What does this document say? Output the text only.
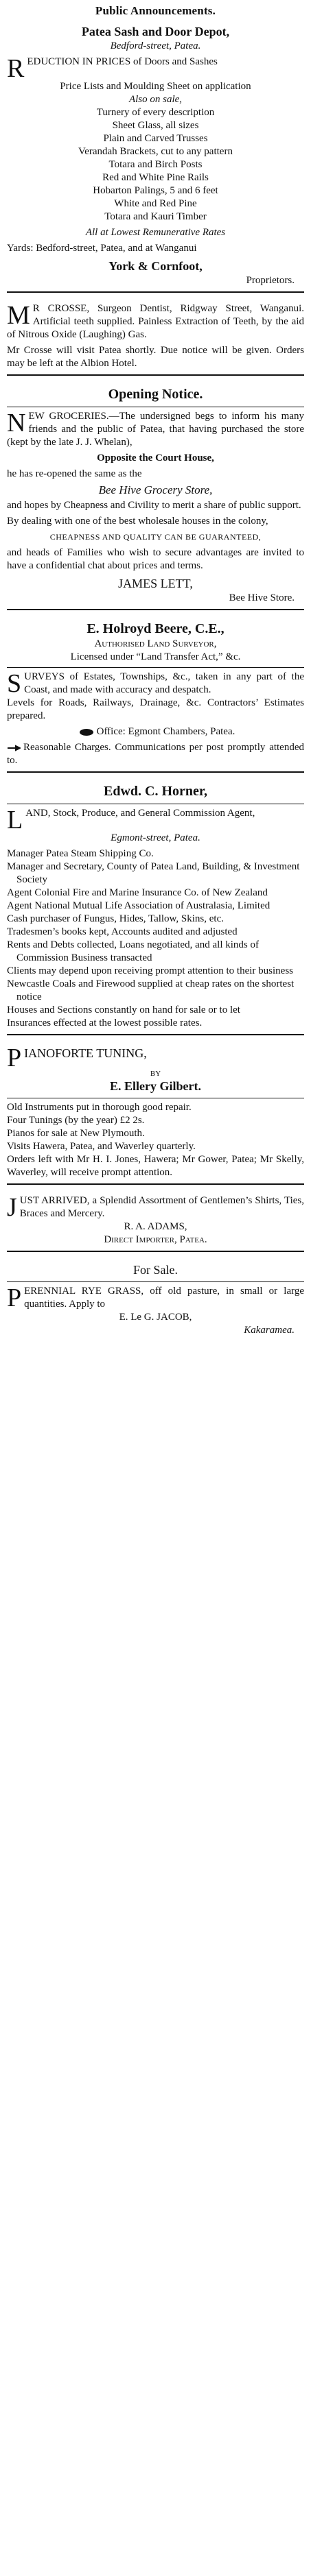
Public Announcements.
Patea Sash and Door Depot,
Bedford-street, Patea.
R EDUCTION IN PRICES of Doors and Sashes
Price Lists and Moulding Sheet on application
Also on sale,
Turnery of every description
Sheet Glass, all sizes
Plain and Carved Trusses
Verandah Brackets, cut to any pattern
Totara and Birch Posts
Red and White Pine Rails
Hobarton Palings, 5 and 6 feet
White and Red Pine
Totara and Kauri Timber
All at Lowest Remunerative Rates
Yards: Bedford-street, Patea, and at Wanganui
York & Cornfoot,
Proprietors.
M R CROSSE, Surgeon Dentist, Ridgway Street, Wanganui. Artificial teeth supplied. Painless Extraction of Teeth, by the aid of Nitrous Oxide (Laughing) Gas.
Mr Crosse will visit Patea shortly. Due notice will be given. Orders may be left at the Albion Hotel.
Opening Notice.
N EW GROCERIES.—The undersigned begs to inform his many friends and the public of Patea, that having purchased the store (kept by the late J. J. Whelan),
Opposite the Court House,
he has re-opened the same as the
Bee Hive Grocery Store,
and hopes by Cheapness and Civility to merit a share of public support.
By dealing with one of the best wholesale houses in the colony,
CHEAPNESS AND QUALITY CAN BE GUARANTEED,
and heads of Families who wish to secure advantages are invited to have a confidential chat about prices and terms.
JAMES LETT,
Bee Hive Store.
E. Holroyd Beere, C.E.,
Authorised Land Surveyor,
Licensed under “Land Transfer Act,” &c.
S URVEYS of Estates, Townships, &c., taken in any part of the Coast, and made with accuracy and despatch.
Levels for Roads, Railways, Drainage, &c. Contractors’ Estimates prepared.
Office: Egmont Chambers, Patea.
Reasonable Charges. Communications per post promptly attended to.
Edwd. C. Horner,
L AND, Stock, Produce, and General Commission Agent,
Egmont-street, Patea.
Manager Patea Steam Shipping Co.
Manager and Secretary, County of Patea Land, Building, & Investment Society
Agent Colonial Fire and Marine Insurance Co. of New Zealand
Agent National Mutual Life Association of Australasia, Limited
Cash purchaser of Fungus, Hides, Tallow, Skins, etc.
Tradesmen’s books kept, Accounts audited and adjusted
Rents and Debts collected, Loans negotiated, and all kinds of Commission Business transacted
Clients may depend upon receiving prompt attention to their business
Newcastle Coals and Firewood supplied at cheap rates on the shortest notice
Houses and Sections constantly on hand for sale or to let
Insurances effected at the lowest possible rates.
P IANOFORTE TUNING,
BY
E. Ellery Gilbert.
Old Instruments put in thorough good repair.
Four Tunings (by the year) £2 2s.
Pianos for sale at New Plymouth.
Visits Hawera, Patea, and Waverley quarterly.
Orders left with Mr H. I. Jones, Hawera; Mr Gower, Patea; Mr Skelly, Waverley, will receive prompt attention.
J UST ARRIVED, a Splendid Assortment of Gentlemen’s Shirts, Ties, Braces and Mercery.
R. A. ADAMS,
Direct Importer, Patea.
For Sale.
P ERENNIAL RYE GRASS, off old pasture, in small or large quantities. Apply to
E. Le G. JACOB,
Kakaramea.
